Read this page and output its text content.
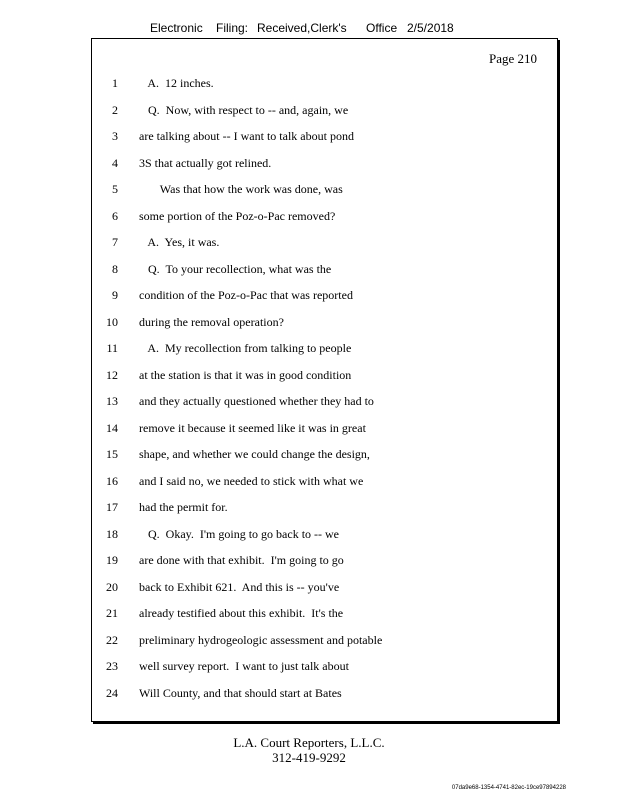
Electronic Filing: Received,Clerk's Office 2/5/2018
Page 210
1 A.  12 inches.
2 Q.  Now, with respect to -- and, again, we
3 are talking about -- I want to talk about pond
4 3S that actually got relined.
5 Was that how the work was done, was
6 some portion of the Poz-o-Pac removed?
7 A.  Yes, it was.
8 Q.  To your recollection, what was the
9 condition of the Poz-o-Pac that was reported
10 during the removal operation?
11 A.  My recollection from talking to people
12 at the station is that it was in good condition
13 and they actually questioned whether they had to
14 remove it because it seemed like it was in great
15 shape, and whether we could change the design,
16 and I said no, we needed to stick with what we
17 had the permit for.
18 Q.  Okay.  I'm going to go back to -- we
19 are done with that exhibit.  I'm going to go
20 back to Exhibit 621.  And this is -- you've
21 already testified about this exhibit.  It's the
22 preliminary hydrogeologic assessment and potable
23 well survey report.  I want to just talk about
24 Will County, and that should start at Bates
L.A. Court Reporters, L.L.C.
312-419-9292
07da9e68-1354-4741-82ec-19ce97894228
